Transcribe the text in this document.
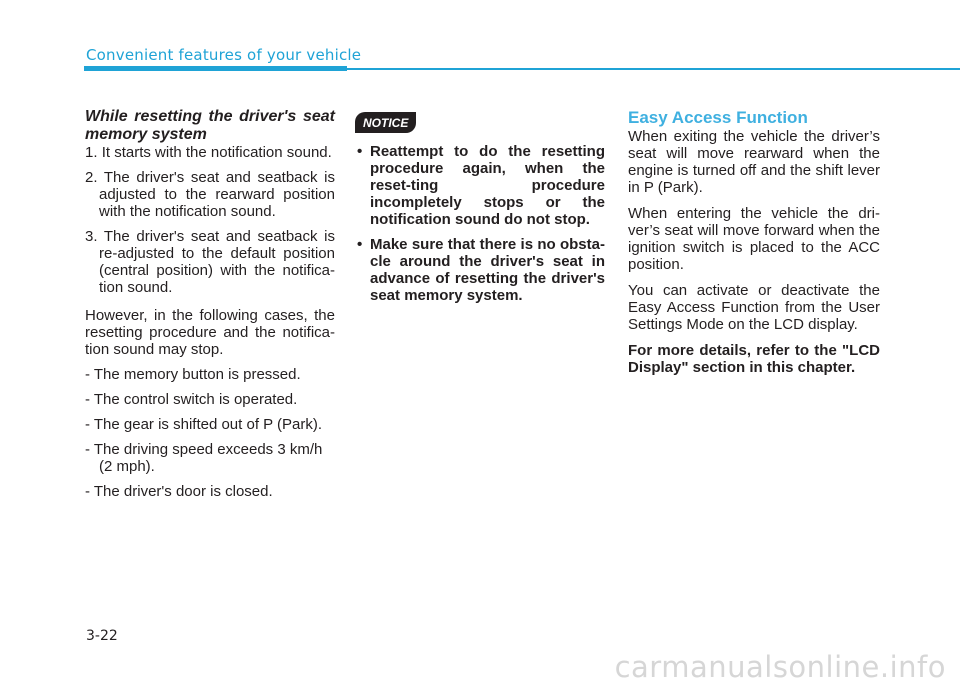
Convenient features of your vehicle

While resetting the driver's seat memory system

1. It starts with the notification sound.

2. The driver's seat and seatback is adjusted to the rearward position with the notification sound.

3. The driver's seat and seatback is re-adjusted to the default position (central position) with the notifica-tion sound.

However, in the following cases, the resetting procedure and the notifica-tion sound may stop.

- The memory button is pressed.

- The control switch is operated.

- The gear is shifted out of P (Park).

- The driving speed exceeds 3 km/h (2 mph).

- The driver's door is closed.

NOTICE

• Reattempt to do the resetting procedure again, when the reset-ting procedure incompletely stops or the notification sound do not stop.

• Make sure that there is no obsta-cle around the driver's seat in advance of resetting the driver's seat memory system.

Easy Access Function

When exiting the vehicle the driver’s seat will move rearward when the engine is turned off and the shift lever in P (Park).

When entering the vehicle the dri-ver’s seat will move forward when the ignition switch is placed to the ACC position.

You can activate or deactivate the Easy Access Function from the User Settings Mode on the LCD display.

For more details, refer to the "LCD Display" section in this chapter.

3-22
carmanualsonline.info
